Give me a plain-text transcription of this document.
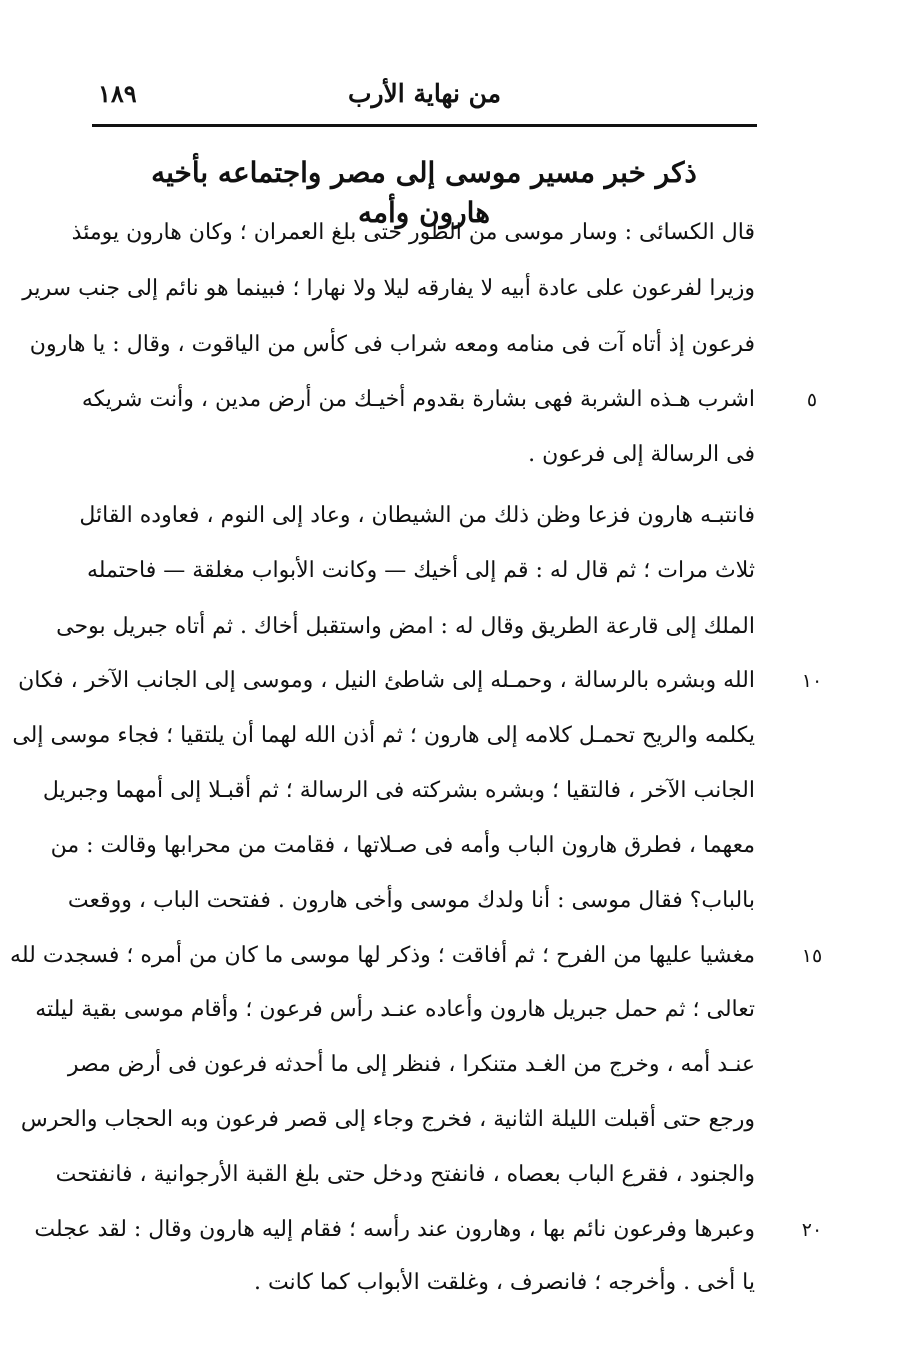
من نهاية الأرب
١٨٩
ذكر خبر مسير موسى إلى مصر واجتماعه بأخيه هارون وأمه
قال الكسائى : وسار موسى من الطور حتى بلغ العمران ؛ وكان هارون يومئذ
وزيرا لفرعون على عادة أبيه لا يفارقه ليلا ولا نهارا ؛ فبينما هو نائم إلى جنب سرير
فرعون إذ أتاه آت فى منامه ومعه شراب فى كأس من الياقوت ، وقال : يا هارون
اشرب هـذه الشربة فهى بشارة بقدوم أخيـك من أرض مدين ، وأنت شريكه
فى الرسالة إلى فرعون .
فانتبـه هارون فزعا وظن ذلك من الشيطان ، وعاد إلى النوم ، فعاوده القائل
ثلاث مرات ؛ ثم قال له : قم إلى أخيك — وكانت الأبواب مغلقة — فاحتمله
الملك إلى قارعة الطريق وقال له : امض واستقبل أخاك . ثم أتاه جبريل بوحى
الله وبشره بالرسالة ، وحمـله إلى شاطئ النيل ، وموسى إلى الجانب الآخر ، فكان
يكلمه والريح تحمـل كلامه إلى هارون ؛ ثم أذن الله لهما أن يلتقيا ؛ فجاء موسى إلى
الجانب الآخر ، فالتقيا ؛ وبشره بشركته فى الرسالة ؛ ثم أقبـلا إلى أمهما وجبريل
معهما ، فطرق هارون الباب وأمه فى صـلاتها ، فقامت من محرابها وقالت : من
بالباب؟ فقال موسى : أنا ولدك موسى وأخى هارون . ففتحت الباب ، ووقعت
مغشيا عليها من الفرح ؛ ثم أفاقت ؛ وذكر لها موسى ما كان من أمره ؛ فسجدت لله
تعالى ؛ ثم حمل جبريل هارون وأعاده عنـد رأس فرعون ؛ وأقام موسى بقية ليلته
عنـد أمه ، وخرج من الغـد متنكرا ، فنظر إلى ما أحدثه فرعون فى أرض مصر
ورجع حتى أقبلت الليلة الثانية ، فخرج وجاء إلى قصر فرعون وبه الحجاب والحرس
والجنود ، فقرع الباب بعصاه ، فانفتح ودخل حتى بلغ القبة الأرجوانية ، فانفتحت
وعبرها وفرعون نائم بها ، وهارون عند رأسه ؛ فقام إليه هارون وقال : لقد عجلت
يا أخى . وأخرجه ؛ فانصرف ، وغلقت الأبواب كما كانت .
٥
١٠
١٥
٢٠
